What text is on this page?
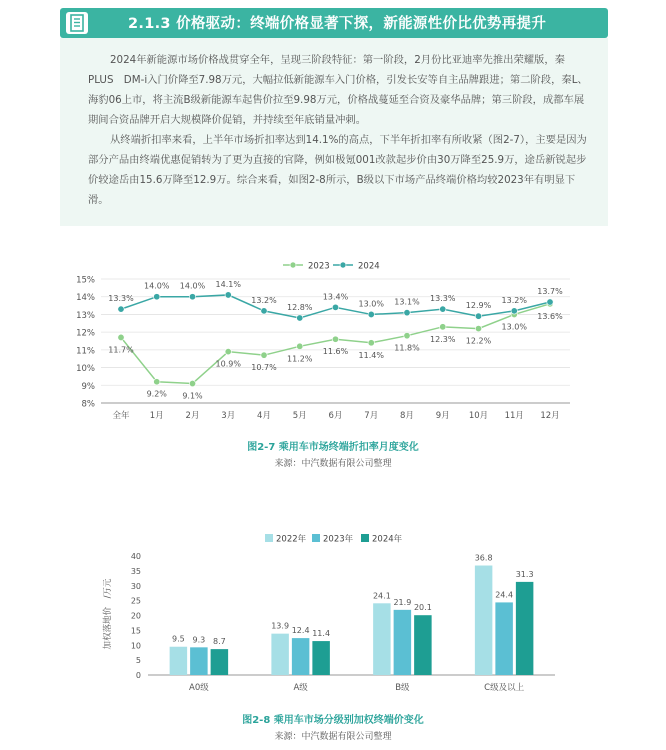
2.1.3 价格驱动：终端价格显著下探，新能源性价比优势再提升

2024年新能源市场价格战贯穿全年，呈现三阶段特征：第一阶段，2月份比亚迪率先推出荣耀版，秦PLUS　DM-i入门价降至7.98万元，大幅拉低新能源车入门价格，引发长安等自主品牌跟进；第二阶段，秦L、海豹06上市，将主流B级新能源车起售价拉至9.98万元，价格战蔓延至合资及豪华品牌；第三阶段，成都车展期间合资品牌开启大规模降价促销，并持续至年底销量冲刺。

从终端折扣率来看，上半年市场折扣率达到14.1%的高点，下半年折扣率有所收紧（图2-7），主要是因为部分产品由终端优惠促销转为了更为直接的官降，例如极氪001改款起步价由30万降至25.9万，途岳新锐起步价较途岳由15.6万降至12.9万。综合来看，如图2-8所示，B级以下市场产品终端价格均较2023年有明显下滑。

8%
9%
10%
11%
12%
13%
14%
15%
全年 1月	2月	3月	4月	5月	6月	7月	8月	9月 10月 11月 12月
2023	2024
11.7%
9.2% 9.1%
10.9% 10.7%
11.2%
11.6% 11.4%
11.8%
12.3% 12.2%
13.0%
13.6%
13.3%
14.0% 14.0% 14.1%
13.2%
12.8%
13.4%
13.0% 13.1% 13.3%
12.9%
13.2%
13.7%
图2-7 乘用车市场终端折扣率月度变化
来源：中汽数据有限公司整理
0
5
10
15
20
25
30
35
40
加权落地价　/万元
2022年 2023年 2024年
9.5 9.3 8.7
A0级
13.9 12.4 11.4
A级
24.1
21.9
20.1
B级
36.8
24.4
31.3
C级及以上
图2-8 乘用车市场分级别加权终端价变化
来源：中汽数据有限公司整理
